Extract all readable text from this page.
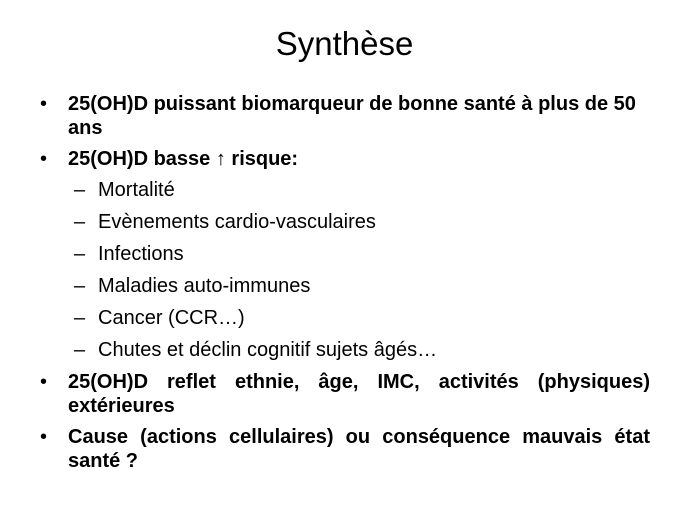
Synthèse
• 25(OH)D puissant biomarqueur de bonne santé à plus de 50 ans
• 25(OH)D basse ↑ risque:
– Mortalité
– Evènements cardio-vasculaires
– Infections
– Maladies auto-immunes
– Cancer (CCR…)
– Chutes et déclin cognitif sujets âgés…
• 25(OH)D reflet ethnie, âge, IMC, activités (physiques) extérieures
• Cause (actions cellulaires) ou conséquence mauvais état santé ?
